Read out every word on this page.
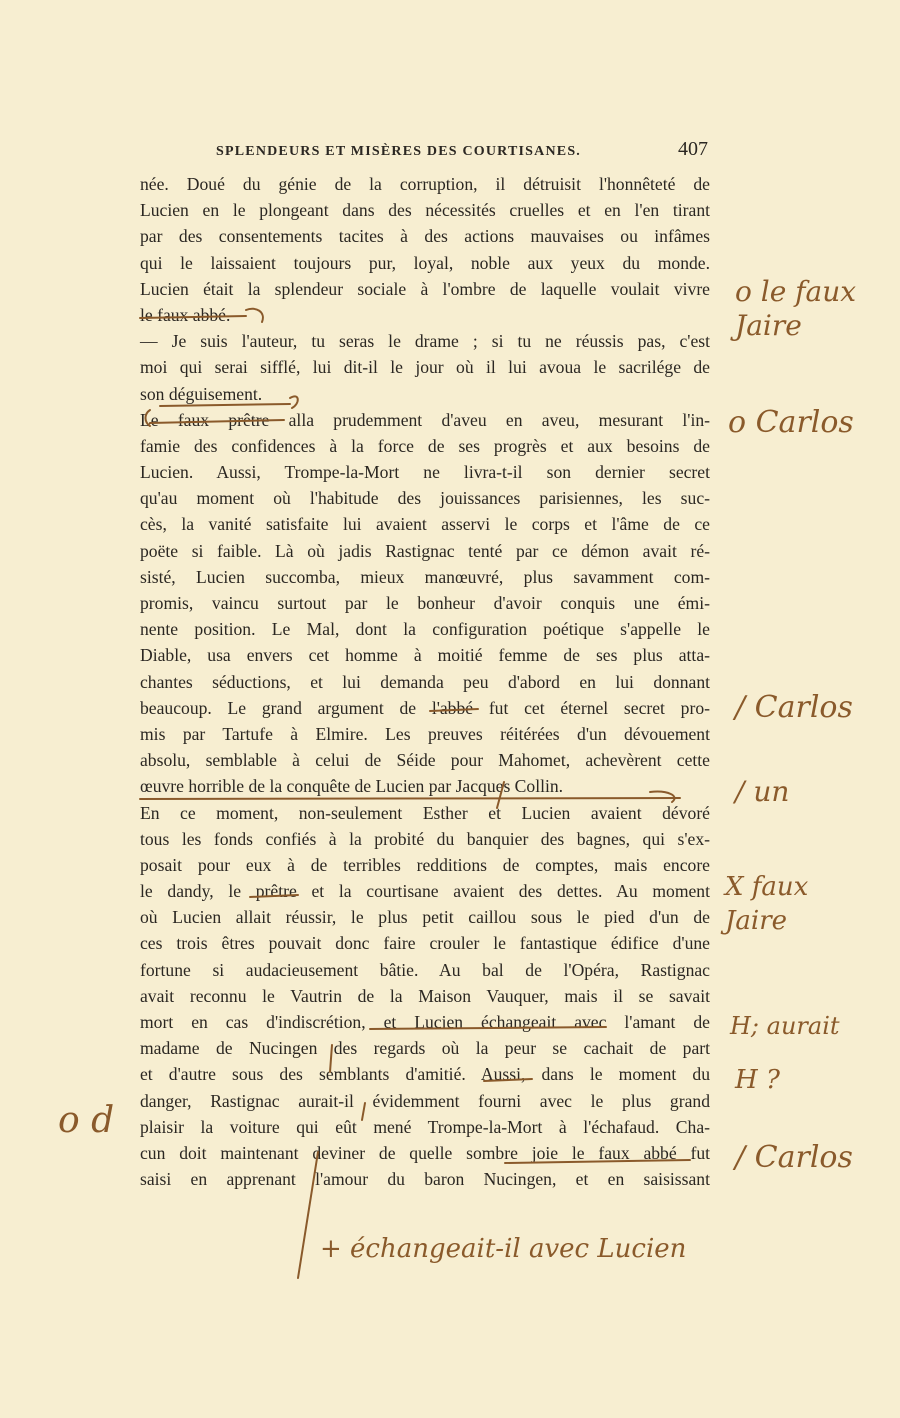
SPLENDEURS ET MISÈRES DES COURTISANES.	407
née. Doué du génie de la corruption, il détruisit l'honnêteté de
Lucien en le plongeant dans des nécessités cruelles et en l'en tirant
par des consentements tacites à des actions mauvaises ou infâmes
qui le laissaient toujours pur, loyal, noble aux yeux du monde.
Lucien était la splendeur sociale à l'ombre de laquelle voulait vivre
le faux abbé.
— Je suis l'auteur, tu seras le drame ; si tu ne réussis pas, c'est
moi qui serai sifflé, lui dit-il le jour où il lui avoua le sacrilége de
son déguisement.
Le faux prêtre alla prudemment d'aveu en aveu, mesurant l'in-
famie des confidences à la force de ses progrès et aux besoins de
Lucien. Aussi, Trompe-la-Mort ne livra-t-il son dernier secret
qu'au moment où l'habitude des jouissances parisiennes, les suc-
cès, la vanité satisfaite lui avaient asservi le corps et l'âme de ce
poëte si faible. Là où jadis Rastignac tenté par ce démon avait ré-
sisté, Lucien succomba, mieux manœuvré, plus savamment com-
promis, vaincu surtout par le bonheur d'avoir conquis une émi-
nente position. Le Mal, dont la configuration poétique s'appelle le
Diable, usa envers cet homme à moitié femme de ses plus atta-
chantes séductions, et lui demanda peu d'abord en lui donnant
beaucoup. Le grand argument de l'abbé fut cet éternel secret pro-
mis par Tartufe à Elmire. Les preuves réitérées d'un dévouement
absolu, semblable à celui de Séide pour Mahomet, achevèrent cette
œuvre horrible de la conquête de Lucien par Jacques Collin.
En ce moment, non-seulement Esther et Lucien avaient dévoré
tous les fonds confiés à la probité du banquier des bagnes, qui s'ex-
posait pour eux à de terribles redditions de comptes, mais encore
le dandy, le prêtre et la courtisane avaient des dettes. Au moment
où Lucien allait réussir, le plus petit caillou sous le pied d'un de
ces trois êtres pouvait donc faire crouler le fantastique édifice d'une
fortune si audacieusement bâtie. Au bal de l'Opéra, Rastignac
avait reconnu le Vautrin de la Maison Vauquer, mais il se savait
mort en cas d'indiscrétion, et Lucien échangeait avec l'amant de
madame de Nucingen des regards où la peur se cachait de part
et d'autre sous des semblants d'amitié. Aussi, dans le moment du
danger, Rastignac aurait-il évidemment fourni avec le plus grand
plaisir la voiture qui eût mené Trompe-la-Mort à l'échafaud. Cha-
cun doit maintenant deviner de quelle sombre joie le faux abbé fut
saisi en apprenant l'amour du baron Nucingen, et en saisissant
ο le faux Jaire
ο Carlos
/ Carlos
/ un
X faux Jaire
H; aurait
H ?
/ Carlos
ο d
+ échangeait-il avec Lucien
